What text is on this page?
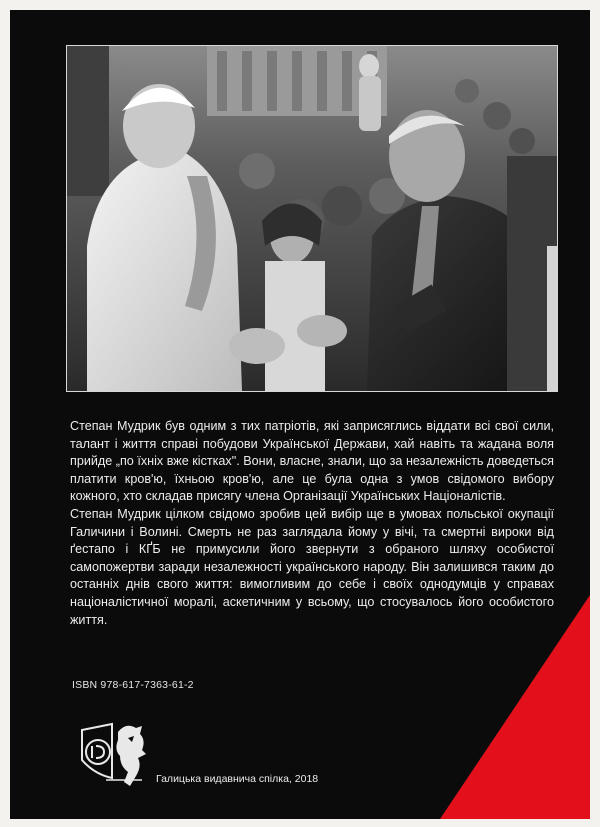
Степан Мудрик був одним з тих патріотів, які заприсяглись віддати всі свої сили, талант і життя справі побудови Української Держави, хай навіть та жадана воля прийде „по їхніх вже кістках". Вони, власне, знали, що за незалежність доведеться платити кров'ю, їхньою кров'ю, але це була одна з умов свідомого вибору кожного, хто складав присягу члена Організації Українських Націоналістів.

Степан Мудрик цілком свідомо зробив цей вибір ще в умовах польської окупації Галичини і Волині. Смерть не раз заглядала йому у вічі, та смертні вироки від ґестапо і КҐБ не примусили його звернути з обраного шляху особистої самопожертви заради незалежності українського народу. Він залишився таким до останніх днів свого життя: вимогливим до себе і своїх однодумців у справах націоналістичної моралі, аскетичним у всьому, що стосувалось його особистого життя.

ISBN 978-617-7363-61-2
Галицька видавнича спілка, 2018
